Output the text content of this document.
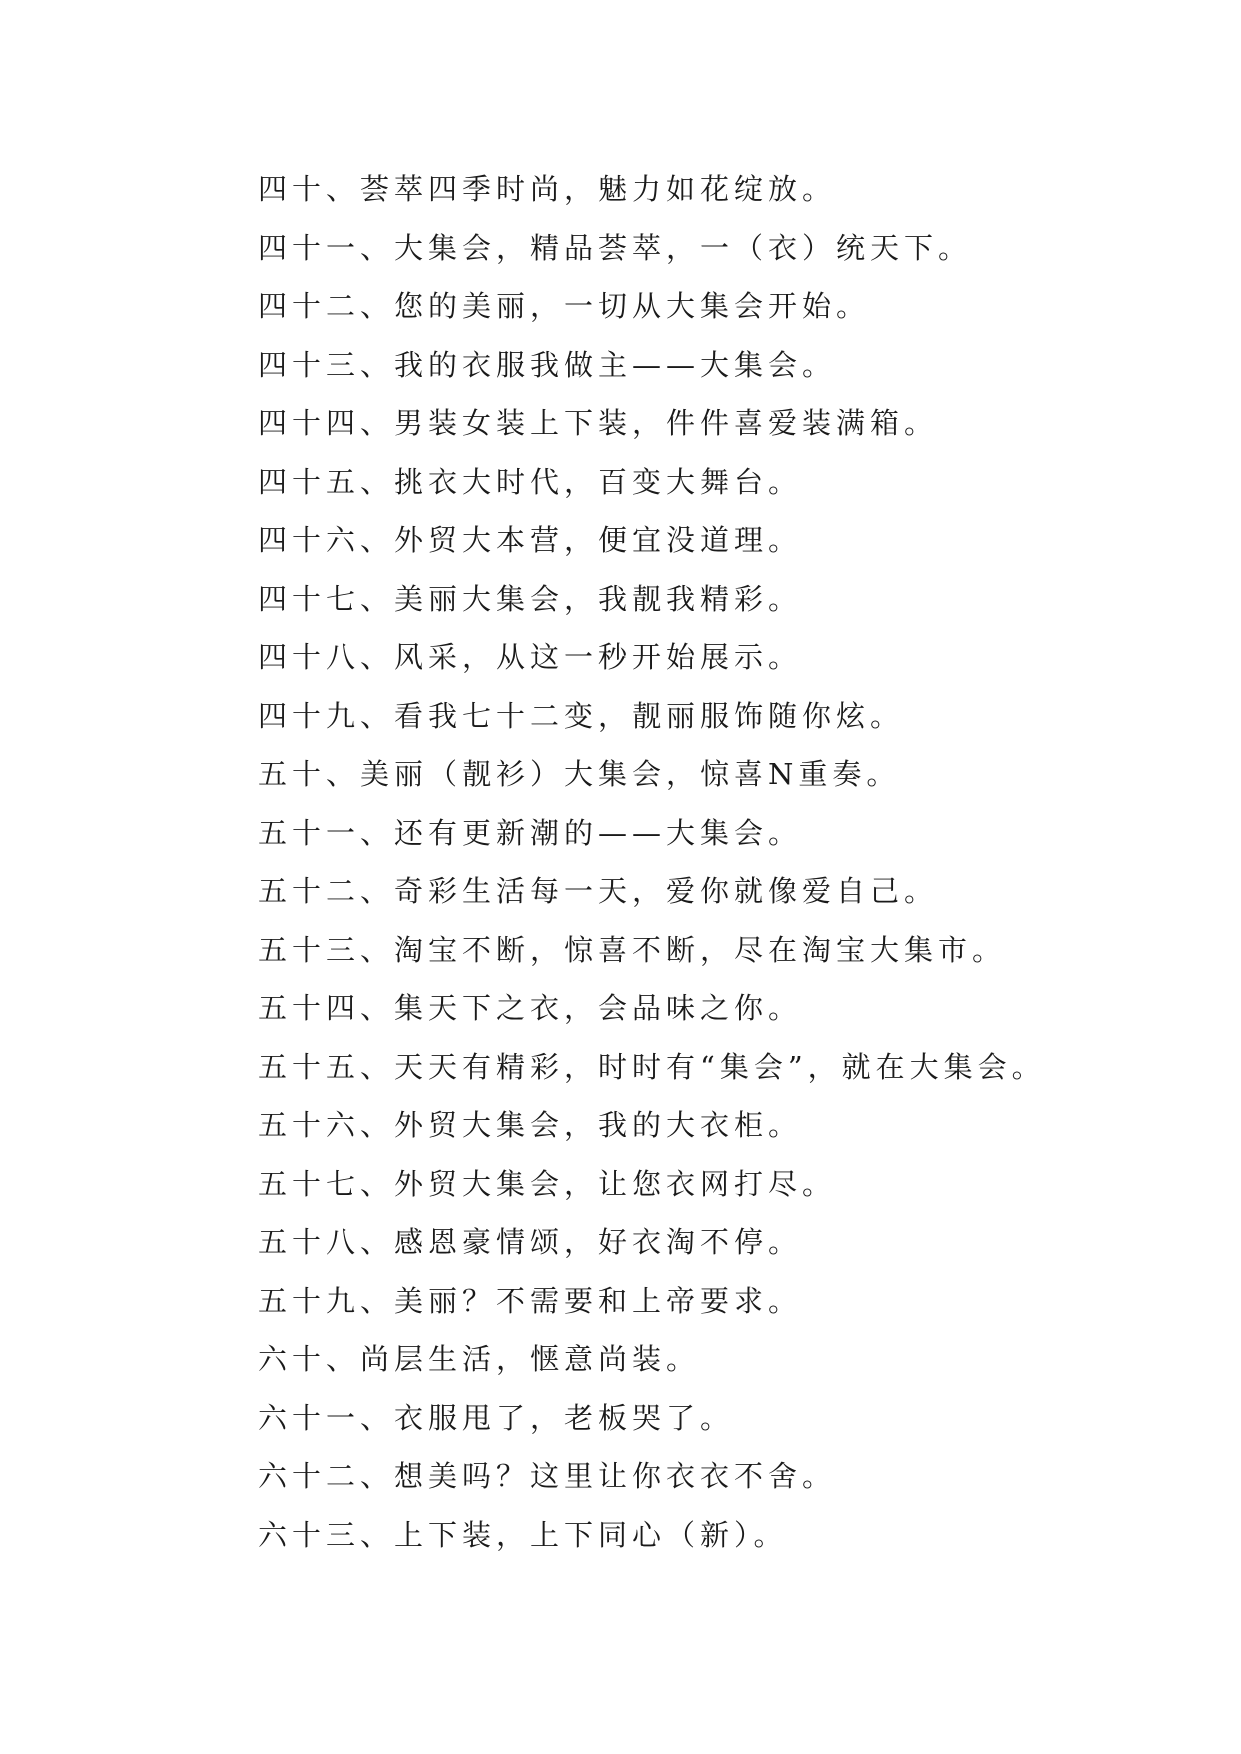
四十、荟萃四季时尚，魅力如花绽放。
四十一、大集会，精品荟萃，一（衣）统天下。
四十二、您的美丽，一切从大集会开始。
四十三、我的衣服我做主——大集会。
四十四、男装女装上下装，件件喜爱装满箱。
四十五、挑衣大时代，百变大舞台。
四十六、外贸大本营，便宜没道理。
四十七、美丽大集会，我靓我精彩。
四十八、风采，从这一秒开始展示。
四十九、看我七十二变，靓丽服饰随你炫。
五十、美丽（靓衫）大集会，惊喜N重奏。
五十一、还有更新潮的——大集会。
五十二、奇彩生活每一天，爱你就像爱自己。
五十三、淘宝不断，惊喜不断，尽在淘宝大集市。
五十四、集天下之衣，会品味之你。
五十五、天天有精彩，时时有“集会”，就在大集会。
五十六、外贸大集会，我的大衣柜。
五十七、外贸大集会，让您衣网打尽。
五十八、感恩豪情颂，好衣淘不停。
五十九、美丽？不需要和上帝要求。
六十、尚层生活，惬意尚装。
六十一、衣服甩了，老板哭了。
六十二、想美吗？这里让你衣衣不舍。
六十三、上下装，上下同心（新）。
